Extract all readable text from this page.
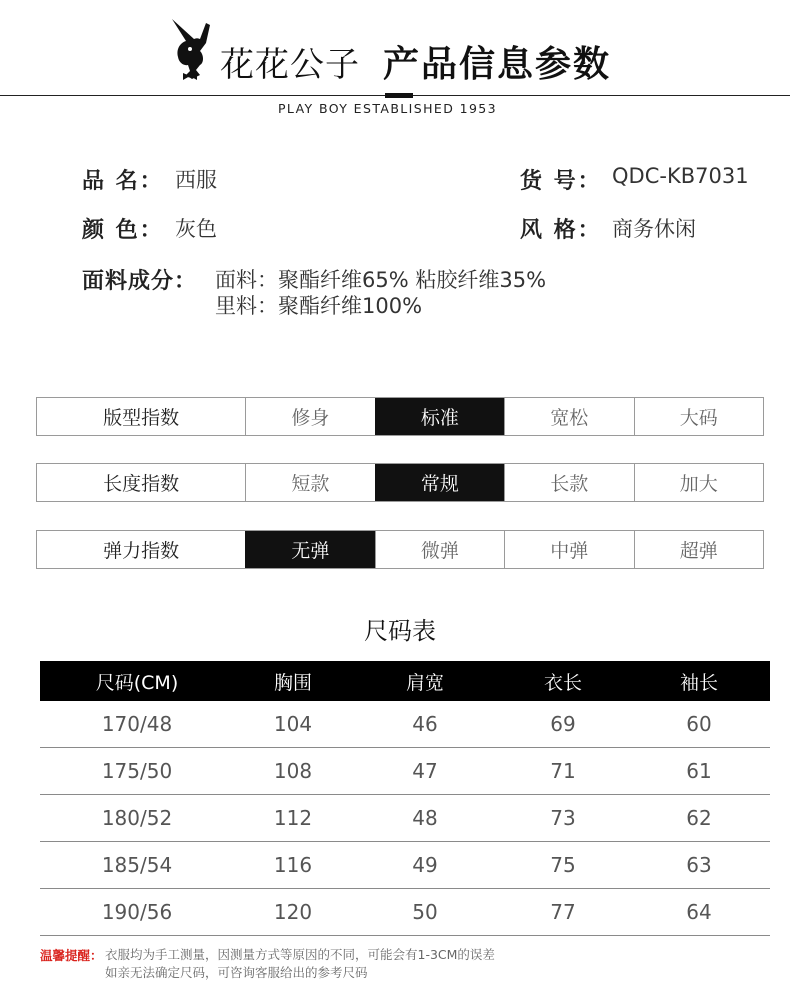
花花公子 产品信息参数
PLAY BOY ESTABLISHED 1953
品 名： 西服	货 号： QDC-KB7031
颜 色： 灰色	风 格： 商务休闲
面料成分： 面料：聚酯纤维65% 粘胶纤维35%
里料：聚酯纤维100%
版型指数	修身	标准	宽松	大码
长度指数	短款	常规	长款	加大
弹力指数	无弹	微弹	中弹	超弹
尺码表
尺码(CM)	胸围	肩宽	衣长	袖长
170/48	104	46	69	60
175/50	108	47	71	61
180/52	112	48	73	62
185/54	116	49	75	63
190/56	120	50	77	64
温馨提醒： 衣服均为手工测量，因测量方式等原因的不同，可能会有1-3CM的误差
如亲无法确定尺码，可咨询客服给出的参考尺码
